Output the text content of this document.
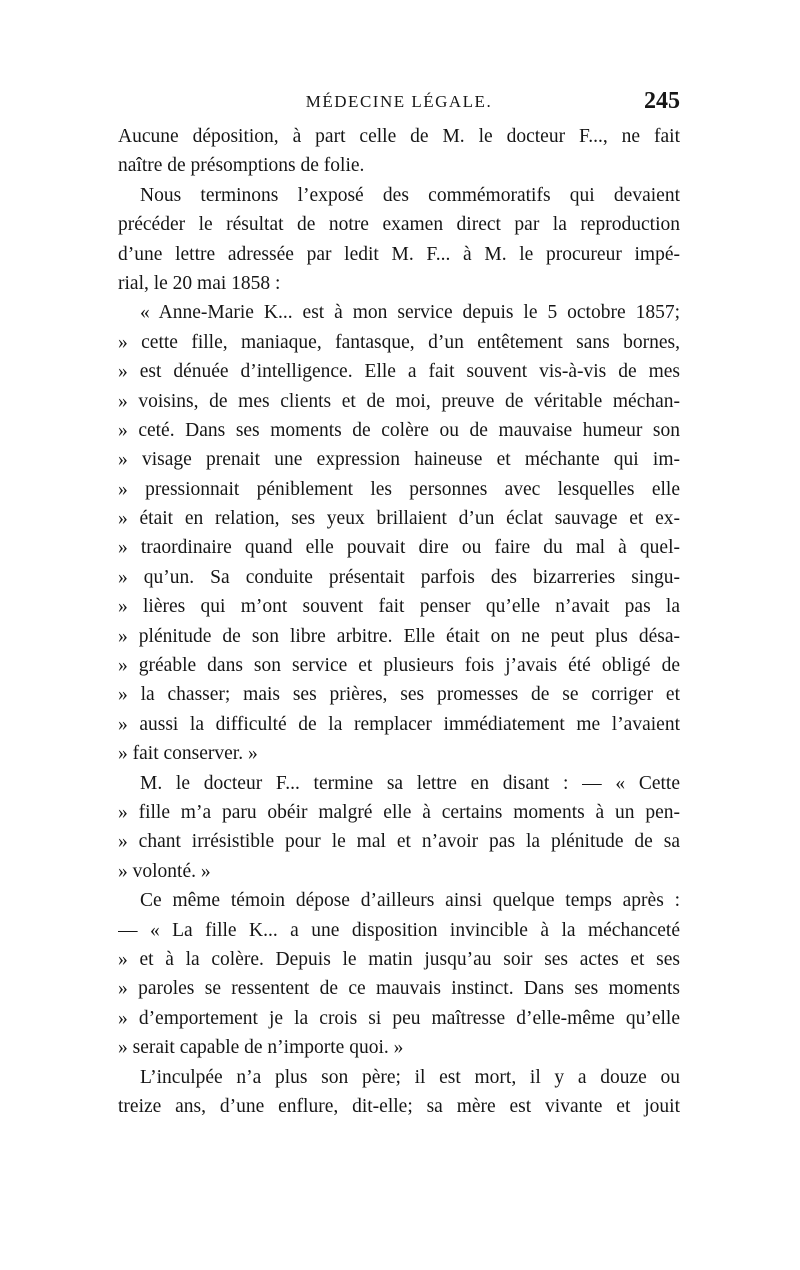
MÉDECINE LÉGALE.	245
Aucune déposition, à part celle de M. le docteur F..., ne fait
naître de présomptions de folie.
Nous terminons l’exposé des commémoratifs qui devaient
précéder le résultat de notre examen direct par la reproduction
d’une lettre adressée par ledit M. F... à M. le procureur impé-
rial, le 20 mai 1858 :
« Anne-Marie K... est à mon service depuis le 5 octobre 1857;
» cette fille, maniaque, fantasque, d’un entêtement sans bornes,
» est dénuée d’intelligence. Elle a fait souvent vis-à-vis de mes
» voisins, de mes clients et de moi, preuve de véritable méchan-
» ceté. Dans ses moments de colère ou de mauvaise humeur son
» visage prenait une expression haineuse et méchante qui im-
» pressionnait péniblement les personnes avec lesquelles elle
» était en relation, ses yeux brillaient d’un éclat sauvage et ex-
» traordinaire quand elle pouvait dire ou faire du mal à quel-
» qu’un. Sa conduite présentait parfois des bizarreries singu-
» lières qui m’ont souvent fait penser qu’elle n’avait pas la
» plénitude de son libre arbitre. Elle était on ne peut plus désa-
» gréable dans son service et plusieurs fois j’avais été obligé de
» la chasser; mais ses prières, ses promesses de se corriger et
» aussi la difficulté de la remplacer immédiatement me l’avaient
» fait conserver. »
M. le docteur F... termine sa lettre en disant : — « Cette
» fille m’a paru obéir malgré elle à certains moments à un pen-
» chant irrésistible pour le mal et n’avoir pas la plénitude de sa
» volonté. »
Ce même témoin dépose d’ailleurs ainsi quelque temps après :
— « La fille K... a une disposition invincible à la méchanceté
» et à la colère. Depuis le matin jusqu’au soir ses actes et ses
» paroles se ressentent de ce mauvais instinct. Dans ses moments
» d’emportement je la crois si peu maîtresse d’elle-même qu’elle
» serait capable de n’importe quoi. »
L’inculpée n’a plus son père; il est mort, il y a douze ou
treize ans, d’une enflure, dit-elle; sa mère est vivante et jouit
